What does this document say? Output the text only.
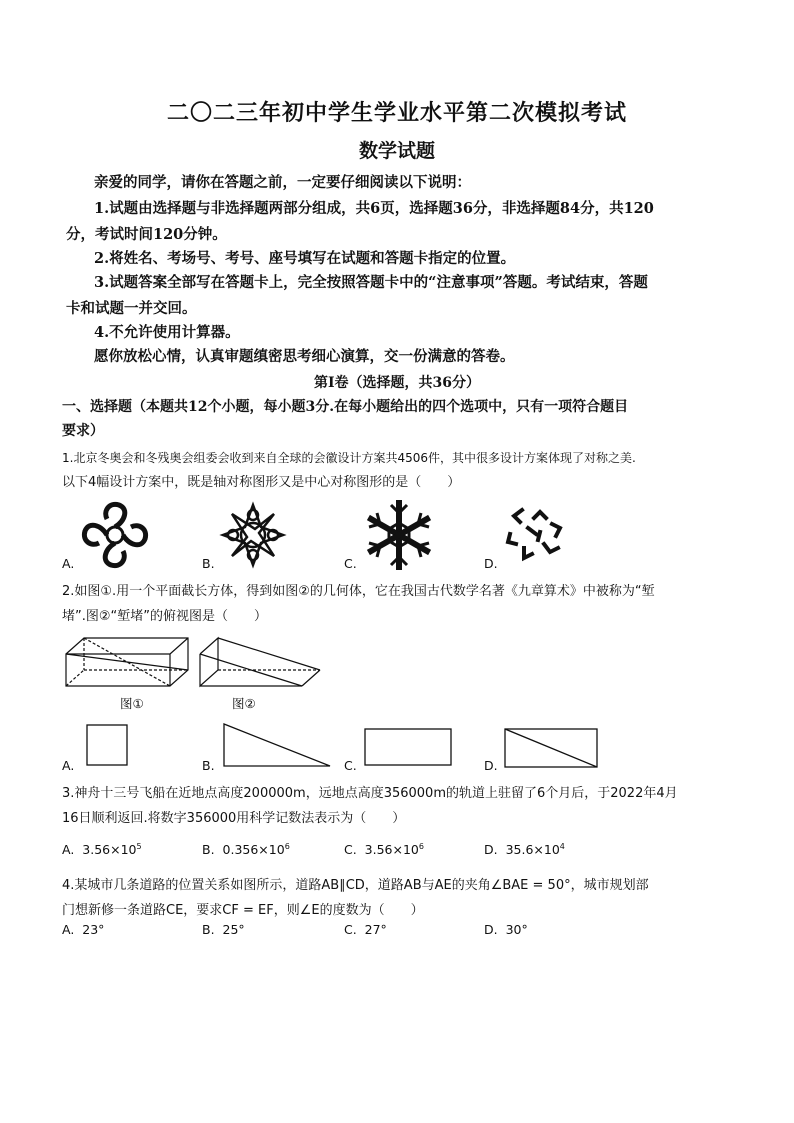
二〇二三年初中学生学业水平第二次模拟考试
数学试题
亲爱的同学，请你在答题之前，一定要仔细阅读以下说明：
1.试题由选择题与非选择题两部分组成，共6页，选择题36分，非选择题84分，共120
分，考试时间120分钟。
2.将姓名、考场号、考号、座号填写在试题和答题卡指定的位置。
3.试题答案全部写在答题卡上，完全按照答题卡中的“注意事项”答题。考试结束，答题
卡和试题一并交回。
4.不允许使用计算器。
愿你放松心情，认真审题缜密思考细心演算，交一份满意的答卷。
第Ⅰ卷（选择题，共36分）
一、选择题（本题共12个小题，每小题3分.在每小题给出的四个选项中，只有一项符合题目
要求）
1.北京冬奥会和冬残奥会组委会收到来自全球的会徽设计方案共4506件，其中很多设计方案体现了对称之美.
以下4幅设计方案中，既是轴对称图形又是中心对称图形的是（　　）
A.	B.	C.	D.
2.如图①.用一个平面截长方体，得到如图②的几何体，它在我国古代数学名著《九章算术》中被称为“堑
堵”.图②“堑堵”的俯视图是（　　）
图①	图②
A.	B.	C.	D.
3.神舟十三号飞船在近地点高度200000m，远地点高度356000m的轨道上驻留了6个月后，于2022年4月
16日顺利返回.将数字356000用科学记数法表示为（　　）
A. $3.56\times 10^5$	B. $0.356\times 10^6$	C. $3.56\times 10^6$	D. $35.6\times 10^4$
4.某城市几条道路的位置关系如图所示，道路AB∥CD，道路AB与AE的夹角∠BAE = 50°，城市规划部
门想新修一条道路CE，要求CF = EF，则∠E的度数为（　　）
A. 23°	B. 25°	C. 27°	D. 30°
